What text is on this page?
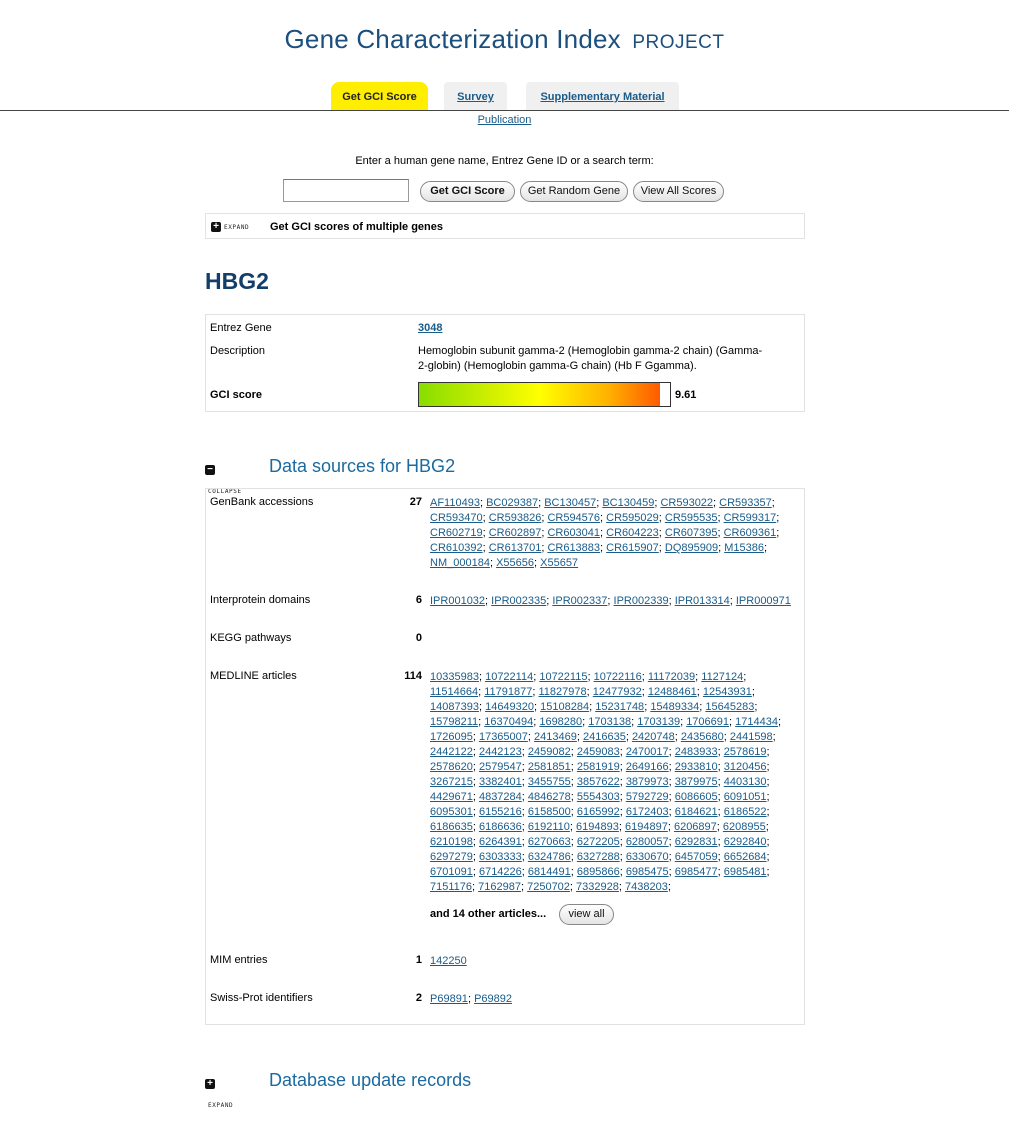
Gene Characterization Index PROJECT
Get GCI Score	Survey	Supplementary Material
Publication
Enter a human gene name, Entrez Gene ID or a search term:
Get GCI Score	Get Random Gene	View All Scores
+ EXPAND Get GCI scores of multiple genes
HBG2
Entrez Gene	3048
Description	Hemoglobin subunit gamma-2 (Hemoglobin gamma-2 chain) (Gamma-2-globin) (Hemoglobin gamma-G chain) (Hb F Ggamma).
GCI score	9.61
−COLLAPSE
Data sources for HBG2
GenBank accessions	27 AF110493; BC029387; BC130457; BC130459; CR593022; CR593357; CR593470; CR593826; CR594576; CR595029; CR595535; CR599317; CR602719; CR602897; CR603041; CR604223; CR607395; CR609361; CR610392; CR613701; CR613883; CR615907; DQ895909; M15386; NM_000184; X55656; X55657
Interprotein domains	6 IPR001032; IPR002335; IPR002337; IPR002339; IPR013314; IPR000971
KEGG pathways	0
MEDLINE articles	114 10335983; 10722114; 10722115; 10722116; 11172039; 1127124; 11514664; 11791877; 11827978; 12477932; 12488461; 12543931; 14087393; 14649320; 15108284; 15231748; 15489334; 15645283; 15798211; 16370494; 1698280; 1703138; 1703139; 1706691; 1714434; 1726095; 17365007; 2413469; 2416635; 2420748; 2435680; 2441598; 2442122; 2442123; 2459082; 2459083; 2470017; 2483933; 2578619; 2578620; 2579547; 2581851; 2581919; 2649166; 2933810; 3120456; 3267215; 3382401; 3455755; 3857622; 3879973; 3879975; 4403130; 4429671; 4837284; 4846278; 5554303; 5792729; 6086605; 6091051; 6095301; 6155216; 6158500; 6165992; 6172403; 6184621; 6186522; 6186635; 6186636; 6192110; 6194893; 6194897; 6206897; 6208955; 6210198; 6264391; 6270663; 6272205; 6280057; 6292831; 6292840; 6297279; 6303333; 6324786; 6327288; 6330670; 6457059; 6652684; 6701091; 6714226; 6814491; 6895866; 6985475; 6985477; 6985481; 7151176; 7162987; 7250702; 7332928; 7438203;
and 14 other articles...	view all
MIM entries	1 142250
Swiss-Prot identifiers	2 P69891; P69892
+EXPAND
Database update records
